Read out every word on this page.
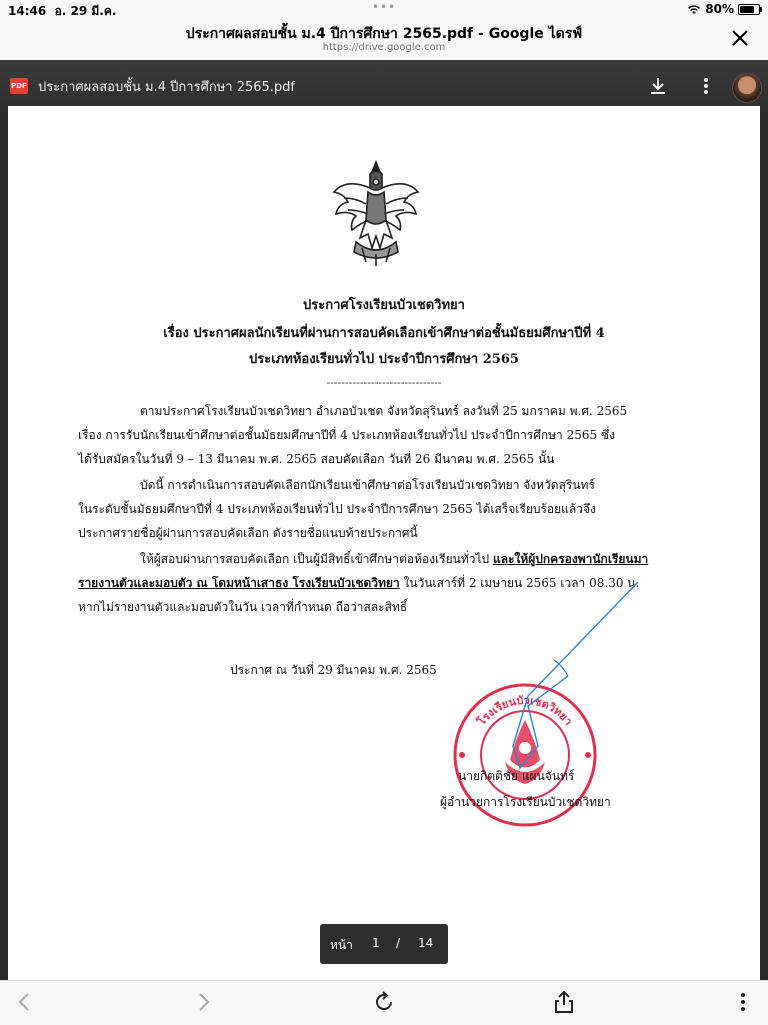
14:46 อ. 29 มี.ค.	•••	80%
ประกาศผลสอบชั้น ม.4 ปีการศึกษา 2565.pdf - Google ไดรฟ์
https://drive.google.com
PDF ประกาศผลสอบชั้น ม.4 ปีการศึกษา 2565.pdf
ประกาศโรงเรียนบัวเชดวิทยา
เรื่อง ประกาศผลนักเรียนที่ผ่านการสอบคัดเลือกเข้าศึกษาต่อชั้นมัธยมศึกษาปีที่ 4
ประเภทห้องเรียนทั่วไป ประจำปีการศึกษา 2565
-------------------------------
ตามประกาศโรงเรียนบัวเชดวิทยา อำเภอบัวเชด จังหวัดสุรินทร์ ลงวันที่ 25 มกราคม พ.ศ. 2565
เรื่อง การรับนักเรียนเข้าศึกษาต่อชั้นมัธยมศึกษาปีที่ 4 ประเภทห้องเรียนทั่วไป ประจำปีการศึกษา 2565 ซึ่ง
ได้รับสมัครในวันที่ 9 – 13 มีนาคม พ.ศ. 2565 สอบคัดเลือก วันที่ 26 มีนาคม พ.ศ. 2565 นั้น
บัดนี้ การดำเนินการสอบคัดเลือกนักเรียนเข้าศึกษาต่อโรงเรียนบัวเชดวิทยา จังหวัดสุรินทร์
ในระดับชั้นมัธยมศึกษาปีที่ 4 ประเภทห้องเรียนทั่วไป ประจำปีการศึกษา 2565 ได้เสร็จเรียบร้อยแล้วจึง
ประกาศรายชื่อผู้ผ่านการสอบคัดเลือก ดังรายชื่อแนบท้ายประกาศนี้
ให้ผู้สอบผ่านการสอบคัดเลือก เป็นผู้มีสิทธิ์เข้าศึกษาต่อห้องเรียนทั่วไป และให้ผู้ปกครองพานักเรียนมา
รายงานตัวและมอบตัว ณ โดมหน้าเสาธง โรงเรียนบัวเชดวิทยา ในวันเสาร์ที่ 2 เมษายน 2565 เวลา 08.30 น.
หากไม่รายงานตัวและมอบตัวในวัน เวลาที่กำหนด ถือว่าสละสิทธิ์
ประกาศ ณ วันที่ 29 มีนาคม พ.ศ. 2565
โรงเรียนบัวเชดวิทยา
นายกิตติชัย แผนจันทร์
ผู้อำนวยการโรงเรียนบัวเชดวิทยา
หน้า 1 / 14
